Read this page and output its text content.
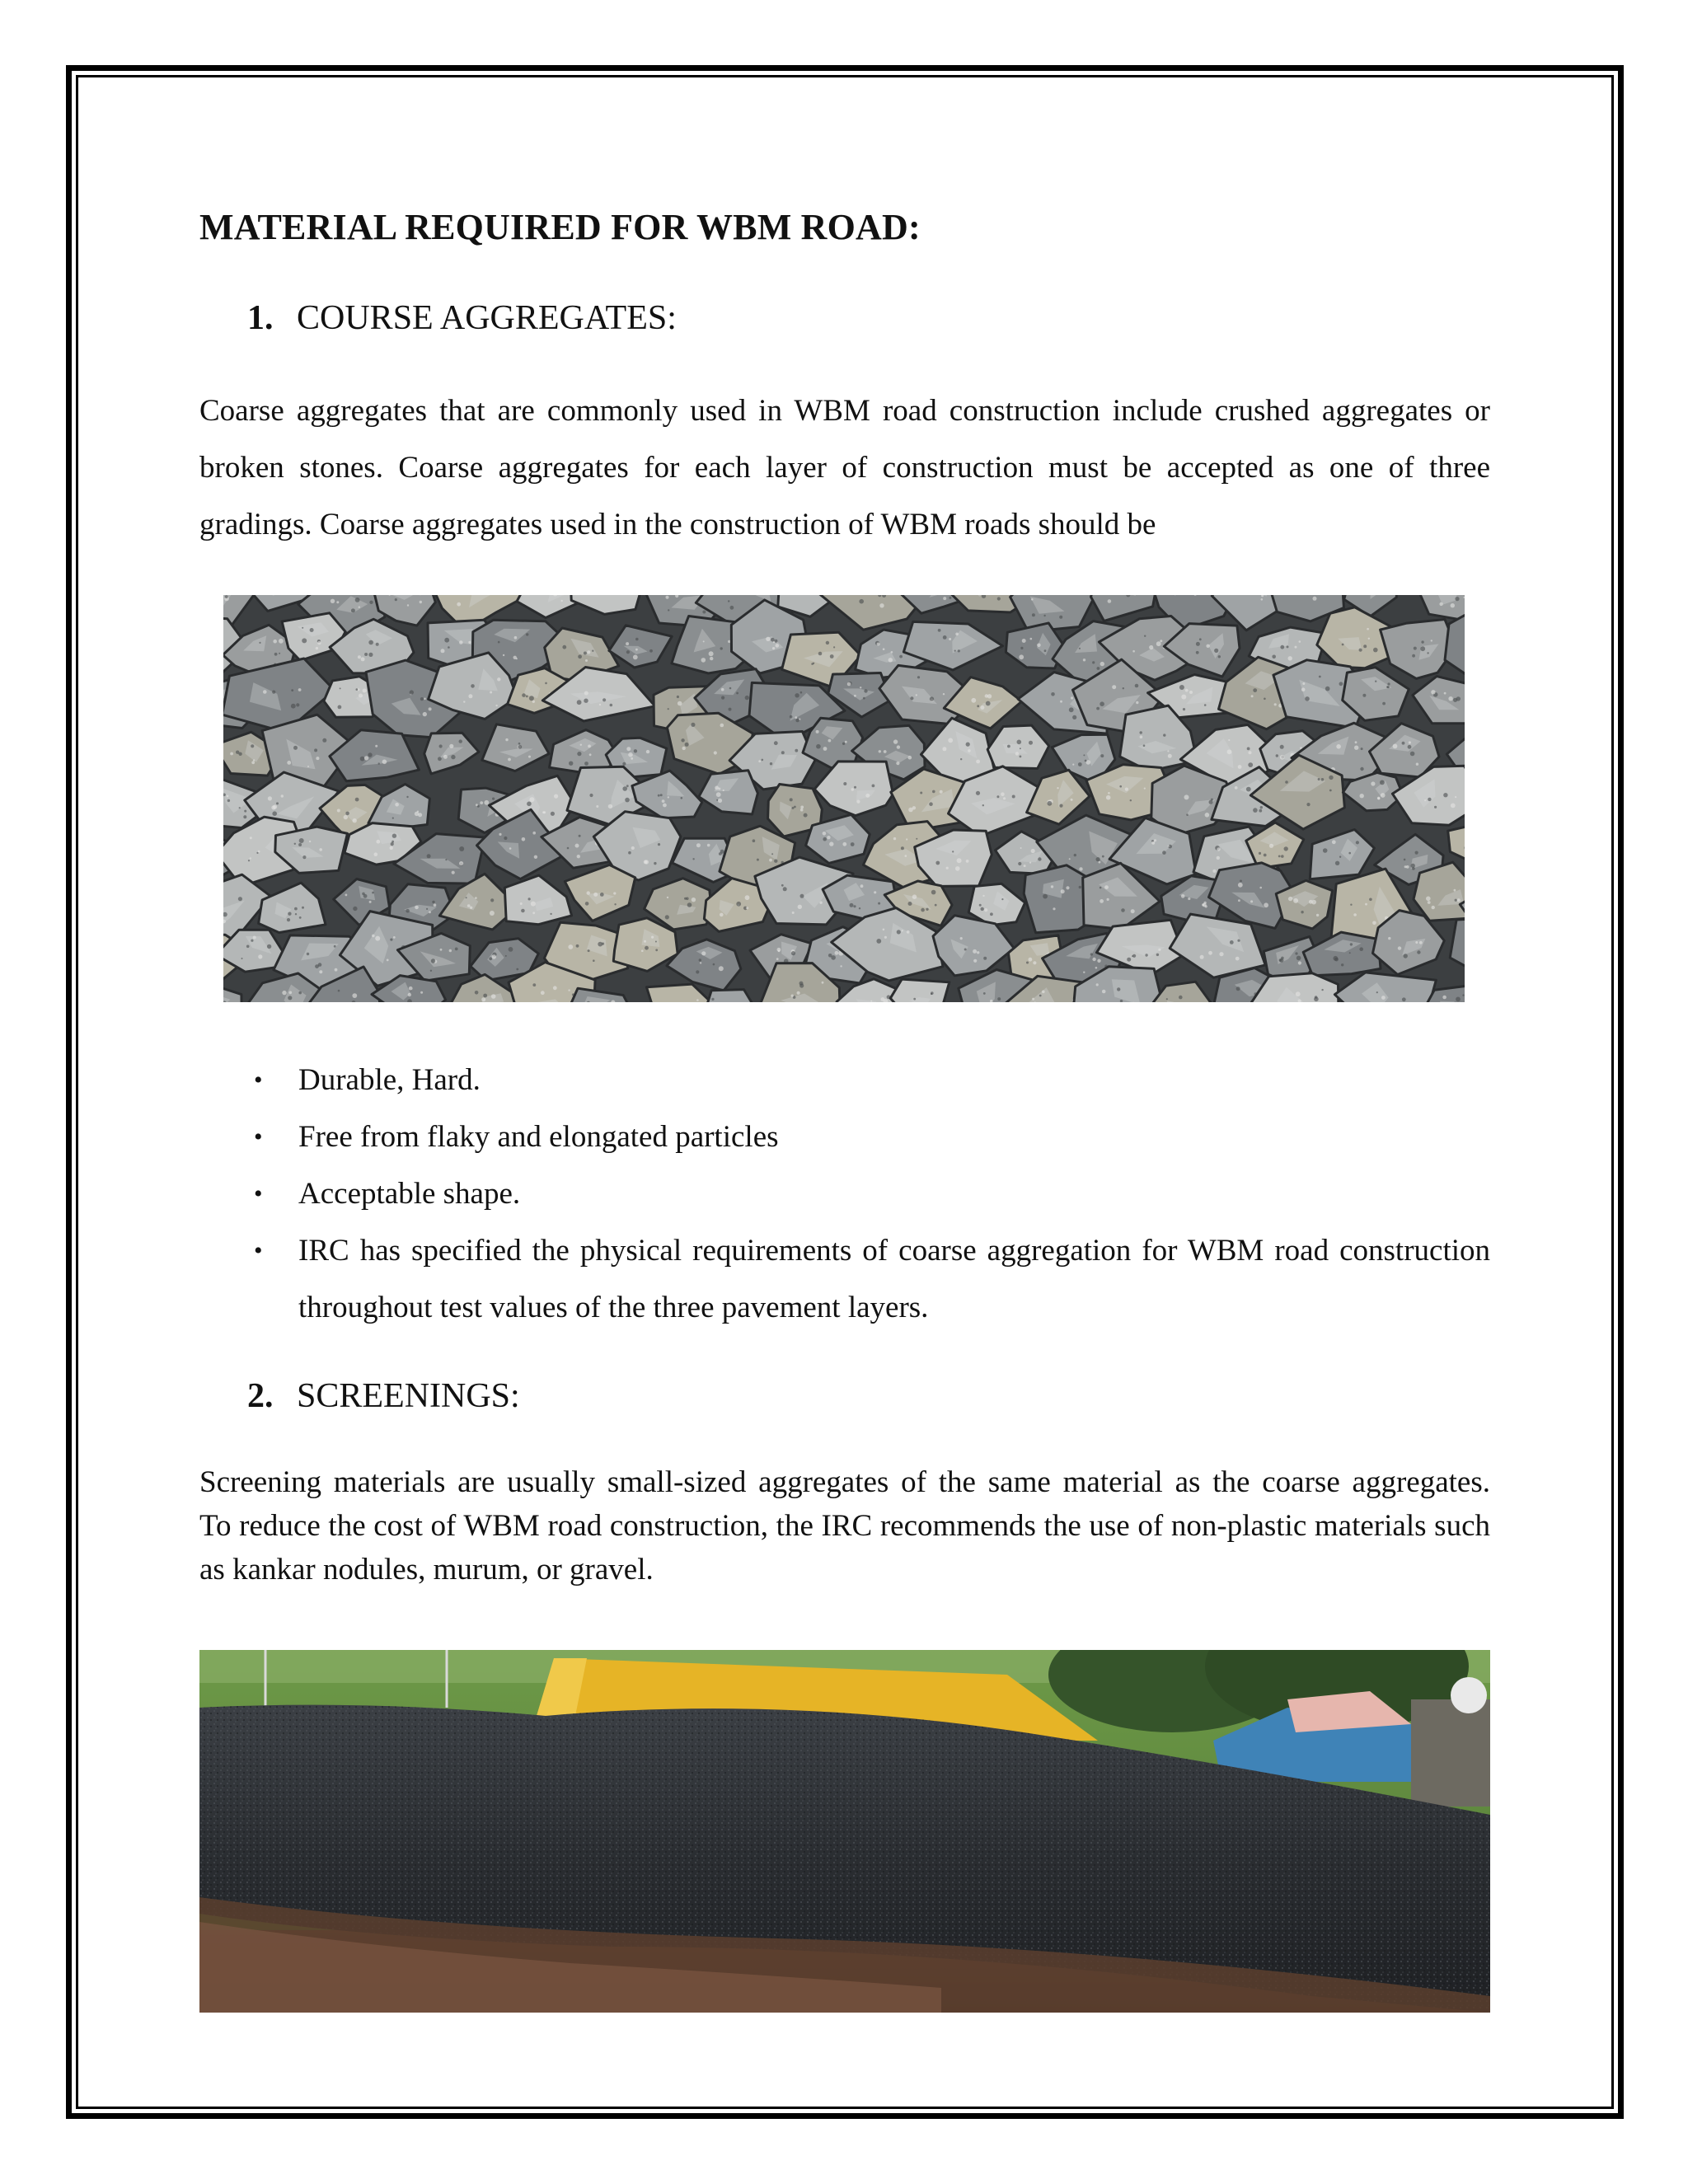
MATERIAL REQUIRED FOR WBM ROAD:
1. COURSE AGGREGATES:

Coarse aggregates that are commonly used in WBM road construction include crushed aggregates or broken stones. Coarse aggregates for each layer of construction must be accepted as one of three gradings. Coarse aggregates used in the construction of WBM roads should be

• Durable, Hard.
• Free from flaky and elongated particles
• Acceptable shape.
• IRC has specified the physical requirements of coarse aggregation for WBM road construction throughout test values of the three pavement layers.
2. SCREENINGS:
Screening materials are usually small-sized aggregates of the same material as the coarse aggregates.
To reduce the cost of WBM road construction, the IRC recommends the use of non-plastic materials such as kankar nodules, murum, or gravel.
